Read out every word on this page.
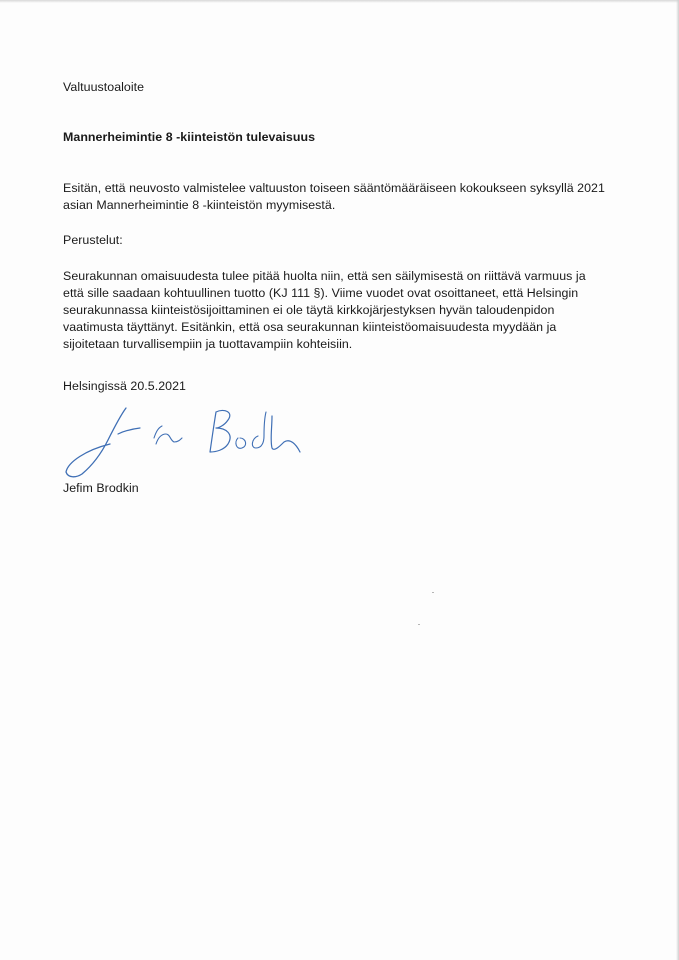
Valtuustoaloite
Mannerheimintie 8 -kiinteistön tulevaisuus
Esitän, että neuvosto valmistelee valtuuston toiseen sääntömääräiseen kokoukseen syksyllä 2021
asian Mannerheimintie 8 -kiinteistön myymisestä.
Perustelut:
Seurakunnan omaisuudesta tulee pitää huolta niin, että sen säilymisestä on riittävä varmuus ja
että sille saadaan kohtuullinen tuotto (KJ 111 §). Viime vuodet ovat osoittaneet, että Helsingin
seurakunnassa kiinteistösijoittaminen ei ole täytä kirkkojärjestyksen hyvän taloudenpidon
vaatimusta täyttänyt. Esitänkin, että osa seurakunnan kiinteistöomaisuudesta myydään ja
sijoitetaan turvallisempiin ja tuottavampiin kohteisiin.
Helsingissä 20.5.2021
Jefim Brodkin
